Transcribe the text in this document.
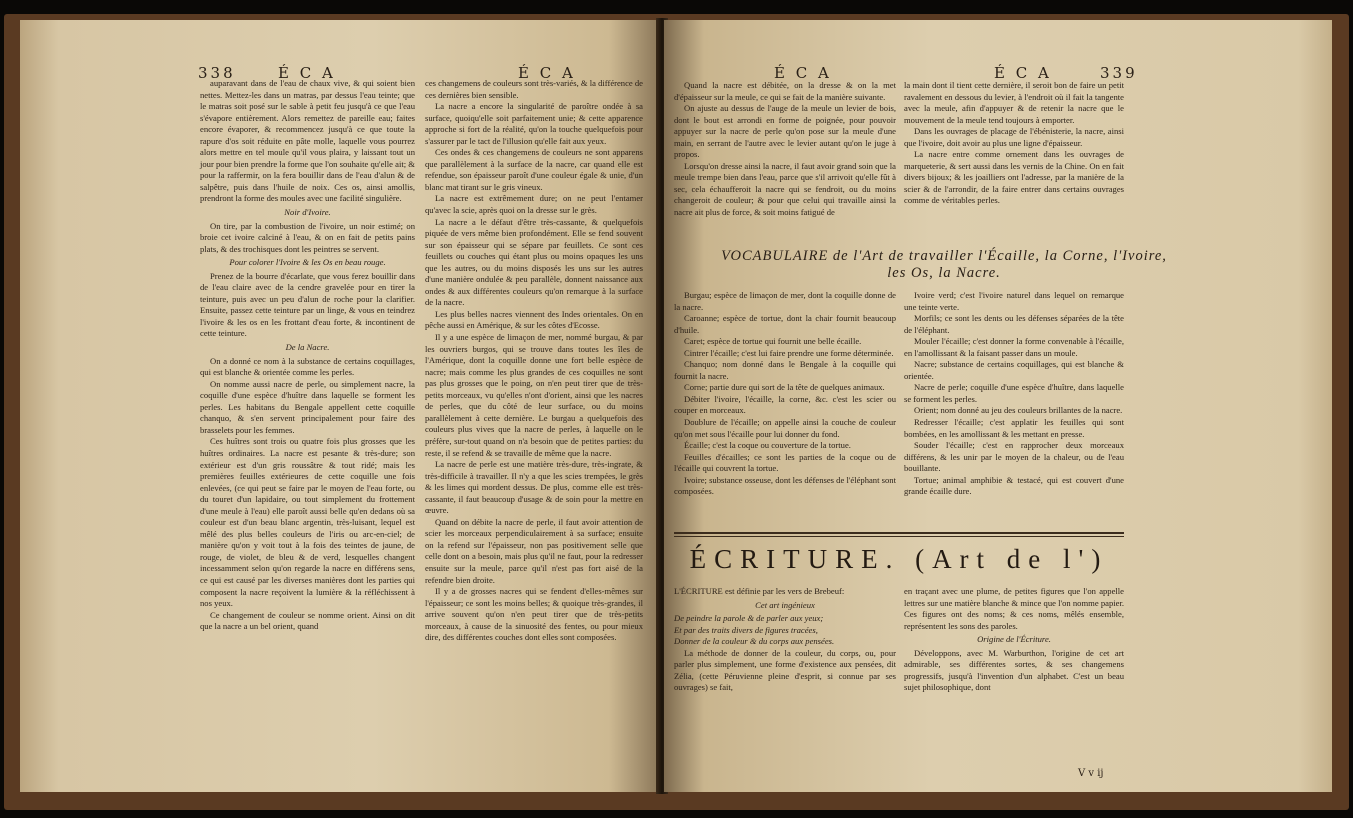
338	É C A	É C A

auparavant dans de l'eau de chaux vive, & qui soient bien nettes. Mettez-les dans un matras, par dessus l'eau teinte; que le matras soit posé sur le sable à petit feu jusqu'à ce que l'eau s'évapore entièrement. Alors remettez de pareille eau; faites encore évaporer, & recommencez jusqu'à ce que toute la rapure d'os soit réduite en pâte molle, laquelle vous pourrez alors mettre en tel moule qu'il vous plaira, y laissant tout un jour pour bien prendre la forme que l'on souhaite qu'elle ait; & pour la raffermir, on la fera bouillir dans de l'eau d'alun & de salpêtre, puis dans l'huile de noix. Ces os, ainsi amollis, prendront la forme des moules avec une facilité singulière.

Noir d'Ivoire.

On tire, par la combustion de l'ivoire, un noir estimé; on broie cet ivoire calciné à l'eau, & on en fait de petits pains plats, & des trochisques dont les peintres se servent.

Pour colorer l'Ivoire & les Os en beau rouge.

Prenez de la bourre d'écarlate, que vous ferez bouillir dans de l'eau claire avec de la cendre gravelée pour en tirer la teinture, puis avec un peu d'alun de roche pour la clarifier. Ensuite, passez cette teinture par un linge, & vous en teindrez l'ivoire & les os en les frottant d'eau forte, & incontinent de cette teinture.

De la Nacre.

On a donné ce nom à la substance de certains coquillages, qui est blanche & orientée comme les perles.

On nomme aussi nacre de perle, ou simplement nacre, la coquille d'une espèce d'huître dans laquelle se forment les perles. Les habitans du Bengale appellent cette coquille chanquo, & s'en servent principalement pour faire des brasselets pour les femmes.

Ces huîtres sont trois ou quatre fois plus grosses que les huîtres ordinaires. La nacre est pesante & très-dure; son extérieur est d'un gris roussâtre & tout ridé; mais les premières feuilles extérieures de cette coquille une fois enlevées, (ce qui peut se faire par le moyen de l'eau forte, ou du touret d'un lapidaire, ou tout simplement du frottement d'une meule à l'eau) elle paroît aussi belle qu'en dedans où sa couleur est d'un beau blanc argentin, très-luisant, lequel est mêlé des plus belles couleurs de l'iris ou arc-en-ciel; de manière qu'on y voit tout à la fois des teintes de jaune, de rouge, de violet, de bleu & de verd, lesquelles changent incessamment selon qu'on regarde la nacre en différens sens, ce qui est causé par les diverses manières dont les parties qui composent la nacre reçoivent la lumière & la réfléchissent à nos yeux.

Ce changement de couleur se nomme orient. Ainsi on dit que la nacre a un bel orient, quand

ces changemens de couleurs sont très-variés, & la différence de ces dernières bien sensible.

La nacre a encore la singularité de paroître ondée à sa surface, quoiqu'elle soit parfaitement unie; & cette apparence approche si fort de la réalité, qu'on la touche quelquefois pour s'assurer par le tact de l'illusion qu'elle fait aux yeux.

Ces ondes & ces changemens de couleurs ne sont apparens que parallèlement à la surface de la nacre, car quand elle est refendue, son épaisseur paroît d'une couleur égale & unie, d'un blanc mat tirant sur le gris vineux.

La nacre est extrêmement dure; on ne peut l'entamer qu'avec la scie, après quoi on la dresse sur le grès.

La nacre a le défaut d'être très-cassante, & quelquefois piquée de vers même bien profondément. Elle se fend souvent sur son épaisseur qui se sépare par feuillets. Ce sont ces feuillets ou couches qui étant plus ou moins opaques les uns que les autres, ou du moins disposés les uns sur les autres d'une manière ondulée & peu parallèle, donnent naissance aux ondes & aux différentes couleurs qu'on remarque à la surface de la nacre.

Les plus belles nacres viennent des Indes orientales. On en pêche aussi en Amérique, & sur les côtes d'Ecosse.

Il y a une espèce de limaçon de mer, nommé burgau, & par les ouvriers burgos, qui se trouve dans toutes les îles de l'Amérique, dont la coquille donne une fort belle espèce de nacre; mais comme les plus grandes de ces coquilles ne sont pas plus grosses que le poing, on n'en peut tirer que de très-petits morceaux, vu qu'elles n'ont d'orient, ainsi que les nacres de perles, que du côté de leur surface, ou du moins parallèlement à cette dernière. Le burgau a quelquefois des couleurs plus vives que la nacre de perles, à laquelle on le préfère, sur-tout quand on n'a besoin que de petites parties: du reste, il se refend & se travaille de même que la nacre.

La nacre de perle est une matière très-dure, très-ingrate, & très-difficile à travailler. Il n'y a que les scies trempées, le grès & les limes qui mordent dessus. De plus, comme elle est très-cassante, il faut beaucoup d'usage & de soin pour la mettre en œuvre.

Quand on débite la nacre de perle, il faut avoir attention de scier les morceaux perpendiculairement à sa surface; ensuite on la refend sur l'épaisseur, non pas positivement selle que celle dont on a besoin, mais plus qu'il ne faut, pour la redresser ensuite sur la meule, parce qu'il n'est pas fort aisé de la refendre bien droite.

Il y a de grosses nacres qui se fendent d'elles-mêmes sur l'épaisseur; ce sont les moins belles; & quoique très-grandes, il arrive souvent qu'on n'en peut tirer que de très-petits morceaux, à cause de la sinuosité des fentes, ou pour mieux dire, des différentes couches dont elles sont composées.

É C A	É C A	339

Quand la nacre est débitée, on la dresse & on la met d'épaisseur sur la meule, ce qui se fait de la manière suivante.

On ajuste au dessus de l'auge de la meule un levier de bois, dont le bout est arrondi en forme de poignée, pour pouvoir appuyer sur la nacre de perle qu'on pose sur la meule d'une main, en serrant de l'autre avec le levier autant qu'on le juge à propos.

Lorsqu'on dresse ainsi la nacre, il faut avoir grand soin que la meule trempe bien dans l'eau, parce que s'il arrivoit qu'elle fût à sec, cela échaufferoit la nacre qui se fendroit, ou du moins changeroit de couleur; & pour que celui qui travaille ainsi la nacre ait plus de force, & soit moins fatigué de

la main dont il tient cette dernière, il seroit bon de faire un petit ravalement en dessous du levier, à l'endroit où il fait la tangente avec la meule, afin d'appuyer & de retenir la nacre que le mouvement de la meule tend toujours à emporter.

Dans les ouvrages de placage de l'ébénisterie, la nacre, ainsi que l'ivoire, doit avoir au plus une ligne d'épaisseur.

La nacre entre comme ornement dans les ouvrages de marqueterie, & sert aussi dans les vernis de la Chine. On en fait divers bijoux; & les joailliers ont l'adresse, par la manière de la scier & de l'arrondir, de la faire entrer dans certains ouvrages comme de véritables perles.

VOCABULAIRE de l'Art de travailler l'Écaille, la Corne, l'Ivoire,
les Os, la Nacre.

Burgau; espèce de limaçon de mer, dont la coquille donne de la nacre.

Caroanne; espèce de tortue, dont la chair fournit beaucoup d'huile.

Caret; espèce de tortue qui fournit une belle écaille.

Cintrer l'écaille; c'est lui faire prendre une forme déterminée.

Chanquo; nom donné dans le Bengale à la coquille qui fournit la nacre.

Corne; partie dure qui sort de la tête de quelques animaux.

Débiter l'ivoire, l'écaille, la corne, &c. c'est les scier ou couper en morceaux.

Doublure de l'écaille; on appelle ainsi la couche de couleur qu'on met sous l'écaille pour lui donner du fond.

Écaille; c'est la coque ou couverture de la tortue.

Feuilles d'écailles; ce sont les parties de la coque ou de l'écaille qui couvrent la tortue.

Ivoire; substance osseuse, dont les défenses de l'éléphant sont composées.

Ivoire verd; c'est l'ivoire naturel dans lequel on remarque une teinte verte.

Morfils; ce sont les dents ou les défenses séparées de la tête de l'éléphant.

Mouler l'écaille; c'est donner la forme convenable à l'écaille, en l'amollissant & la faisant passer dans un moule.

Nacre; substance de certains coquillages, qui est blanche & orientée.

Nacre de perle; coquille d'une espèce d'huître, dans laquelle se forment les perles.

Orient; nom donné au jeu des couleurs brillantes de la nacre.

Redresser l'écaille; c'est applatir les feuilles qui sont bombées, en les amollissant & les mettant en presse.

Souder l'écaille; c'est en rapprocher deux morceaux différens, & les unir par le moyen de la chaleur, ou de l'eau bouillante.

Tortue; animal amphibie & testacé, qui est couvert d'une grande écaille dure.

ÉCRITURE. (Art de l')

L'ÉCRITURE est définie par les vers de Brebeuf:

Cet art ingénieux

De peindre la parole & de parler aux yeux;

Et par des traits divers de figures tracées,

Donner de la couleur & du corps aux pensées.

La méthode de donner de la couleur, du corps, ou, pour parler plus simplement, une forme d'existence aux pensées, dit Zélia, (cette Péruvienne pleine d'esprit, si connue par ses ouvrages) se fait,

en traçant avec une plume, de petites figures que l'on appelle lettres sur une matière blanche & mince que l'on nomme papier. Ces figures ont des noms; & ces noms, mêlés ensemble, représentent les sons des paroles.

Origine de l'Écriture.

Développons, avec M. Warburthon, l'origine de cet art admirable, ses différentes sortes, & ses changemens progressifs, jusqu'à l'invention d'un alphabet. C'est un beau sujet philosophique, dont

V v ij
